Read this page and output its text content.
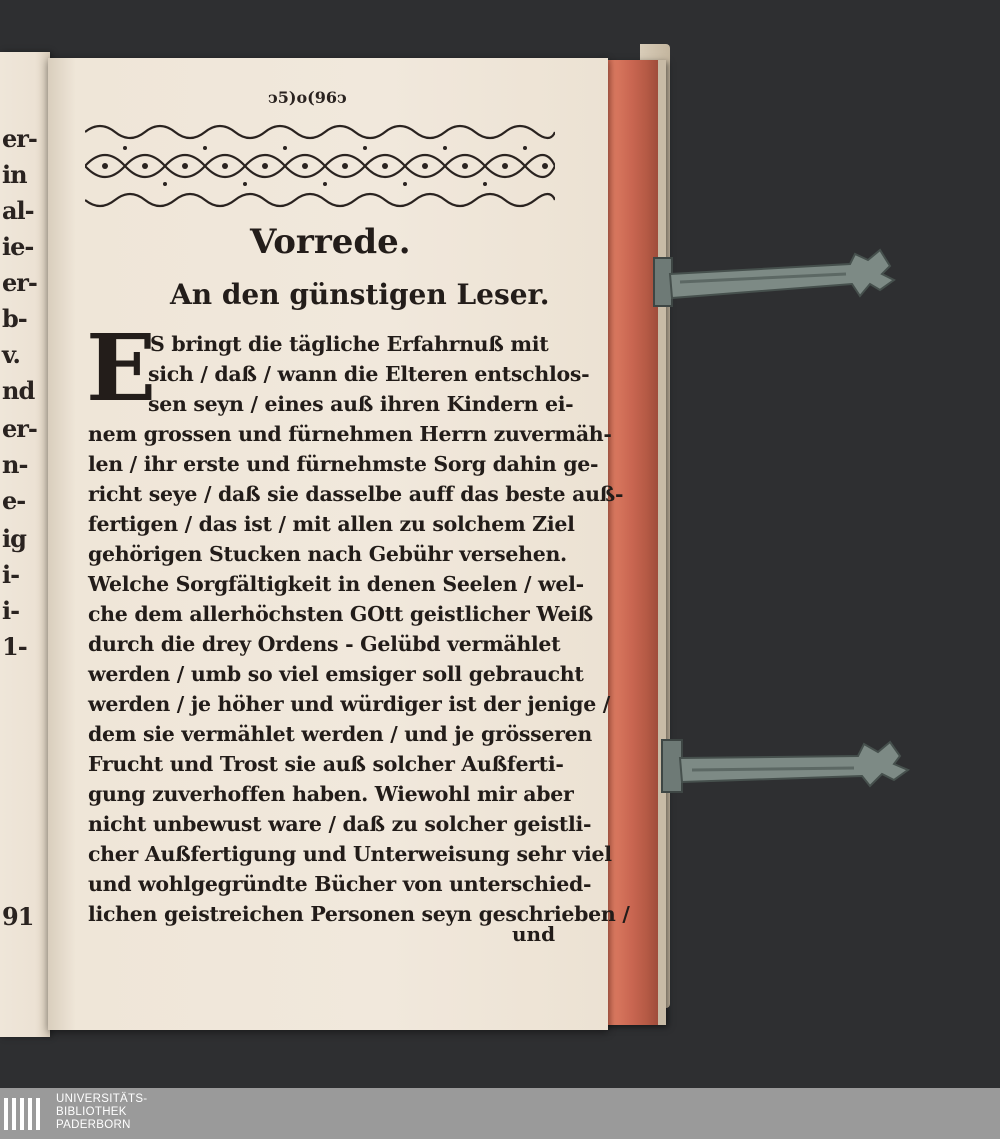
er-
in
al-
ie-
er-
b-
v.
nd
er-
n-
e-
ig
i-
i-
1-
91
ↄ5)o(96ↄ
Vorrede.
An den günstigen Leser.
E
S bringt die tägliche Erfahrnuß mit
sich / daß / wann die Elteren entschlos-
sen seyn / eines auß ihren Kindern ei-
nem grossen und fürnehmen Herrn zuvermäh-
len / ihr erste und fürnehmste Sorg dahin ge-
richt seye / daß sie dasselbe auff das beste auß-
fertigen / das ist / mit allen zu solchem Ziel
gehörigen Stucken nach Gebühr versehen.
Welche Sorgfältigkeit in denen Seelen / wel-
che dem allerhöchsten GOtt geistlicher Weiß
durch die drey Ordens - Gelübd vermählet
werden / umb so viel emsiger soll gebraucht
werden / je höher und würdiger ist der jenige /
dem sie vermählet werden / und je grösseren
Frucht und Trost sie auß solcher Außferti-
gung zuverhoffen haben. Wiewohl mir aber
nicht unbewust ware / daß zu solcher geistli-
cher Außfertigung und Unterweisung sehr viel
und wohlgegründte Bücher von unterschied-
lichen geistreichen Personen seyn geschrieben /
und
UNIVERSITÄTS-
BIBLIOTHEK
PADERBORN
